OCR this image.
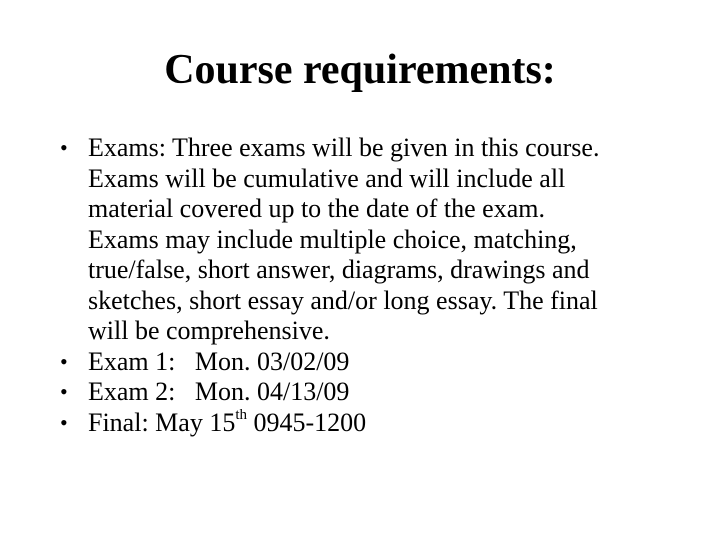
Course requirements:
• Exams: Three exams will be given in this course.
Exams will be cumulative and will include all
material covered up to the date of the exam.
Exams may include multiple choice, matching,
true/false, short answer, diagrams, drawings and
sketches, short essay and/or long essay. The final
will be comprehensive.
• Exam 1:   Mon. 03/02/09
• Exam 2:   Mon. 04/13/09
• Final: May 15th 0945-1200
